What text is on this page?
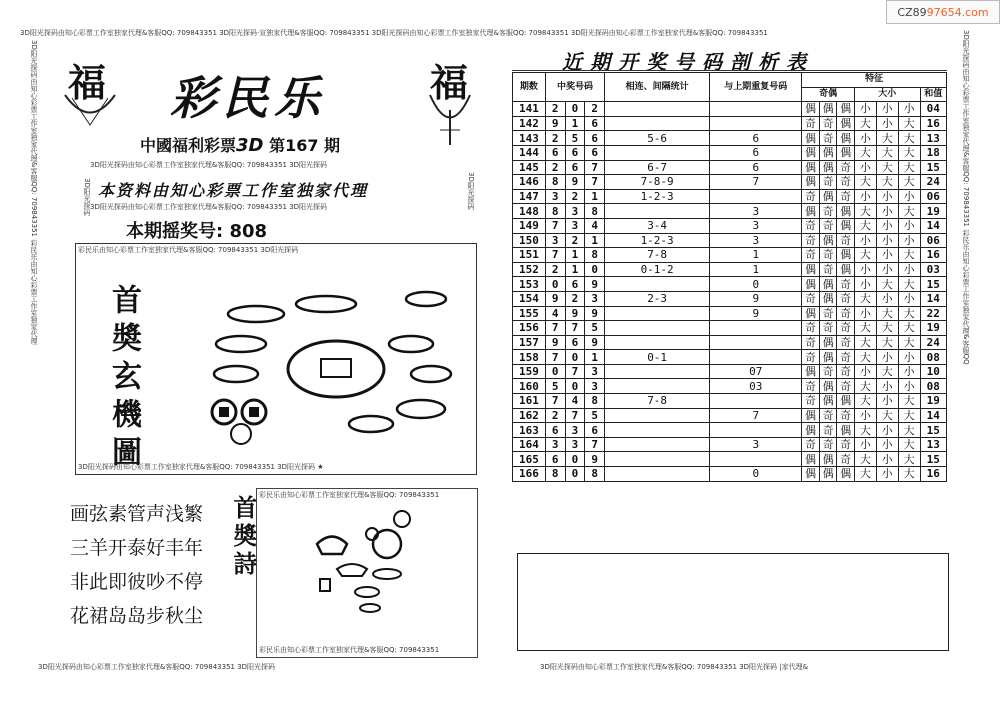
CZ89 97654.com
3D阳光探码由知心彩票工作室独家代理&客服QQ: 709843351 3D阳光探码·宣独家代理&客服QQ: 709843351 3D阳光探码由知心彩票工作室独家代理&客服QQ: 709843351 3D阳光探码由知心彩票工作室独家代理&客服QQ: 709843351
3D阳光探码由知心彩票工作室独家代理&客服QQ: 709843351 彩民乐由知心彩票工作室独家代理	3D阳光探码由知心彩票工作室独家代理&客服QQ: 709843351 彩民乐由知心彩票工作室独家代理&客服QQ
3D阳光探码由知心彩票工作室独家代理&客服QQ: 709843351 3D阳光探码	3D阳光探码由知心彩票工作室独家代理&客服QQ: 709843351 3D阳光探码 |家代理&
福	福
彩民乐
中國福利彩票3D 第167 期
3D阳光探码由知心彩票工作室独家代理&客服QQ: 709843351 3D阳光探码
3D阳光探码 本资料由知心彩票工作室独家代理	3D阳光探码
3D阳光探码由知心彩票工作室独家代理&客服QQ: 709843351 3D阳光探码
本期摇奖号: 808
彩民乐由知心彩票工作室独家代理&客服QQ: 709843351 3D阳光探码
3D阳光探码由知心彩票工作室独家代理&客服QQ: 709843351 3D阳光探码 ★
首奬玄機圖
画弦素管声浅繁
三羊开泰好丰年
非此即彼吵不停
花裙岛岛步秋尘
首奬詩 彩民乐由知心彩票工作室独家代理&客服QQ: 709843351
彩民乐由知心彩票工作室独家代理&客服QQ: 709843351
近期开奖号码剖析表
期数	中奖号码			相连、间隔统计	与上期重复号码	特征						
						奇偶			大小			和值
141	2	0	2			偶	偶	偶	小	小	小	04
142	9	1	6			奇	奇	偶	大	小	大	16
143	2	5	6	5-6	6	偶	奇	偶	小	大	大	13
144	6	6	6		6	偶	偶	偶	大	大	大	18
145	2	6	7	6-7	6	偶	偶	奇	小	大	大	15
146	8	9	7	7-8-9	7	偶	奇	奇	大	大	大	24
147	3	2	1	1-2-3		奇	偶	奇	小	小	小	06
148	8	3	8		3	偶	奇	偶	大	小	大	19
149	7	3	4	3-4	3	奇	奇	偶	大	小	小	14
150	3	2	1	1-2-3	3	奇	偶	奇	小	小	小	06
151	7	1	8	7-8	1	奇	奇	偶	大	小	大	16
152	2	1	0	0-1-2	1	偶	奇	偶	小	小	小	03
153	0	6	9		0	偶	偶	奇	小	大	大	15
154	9	2	3	2-3	9	奇	偶	奇	大	小	小	14
155	4	9	9		9	偶	奇	奇	小	大	大	22
156	7	7	5			奇	奇	奇	大	大	大	19
157	9	6	9			奇	偶	奇	大	大	大	24
158	7	0	1	0-1		奇	偶	奇	大	小	小	08
159	0	7	3		07	偶	奇	奇	小	大	小	10
160	5	0	3		03	奇	偶	奇	大	小	小	08
161	7	4	8	7-8		奇	偶	偶	大	小	大	19
162	2	7	5		7	偶	奇	奇	小	大	大	14
163	6	3	6			偶	奇	偶	大	小	大	15
164	3	3	7		3	奇	奇	奇	小	小	大	13
165	6	0	9			偶	偶	奇	大	小	大	15
166	8	0	8		0	偶	偶	偶	大	小	大	16
